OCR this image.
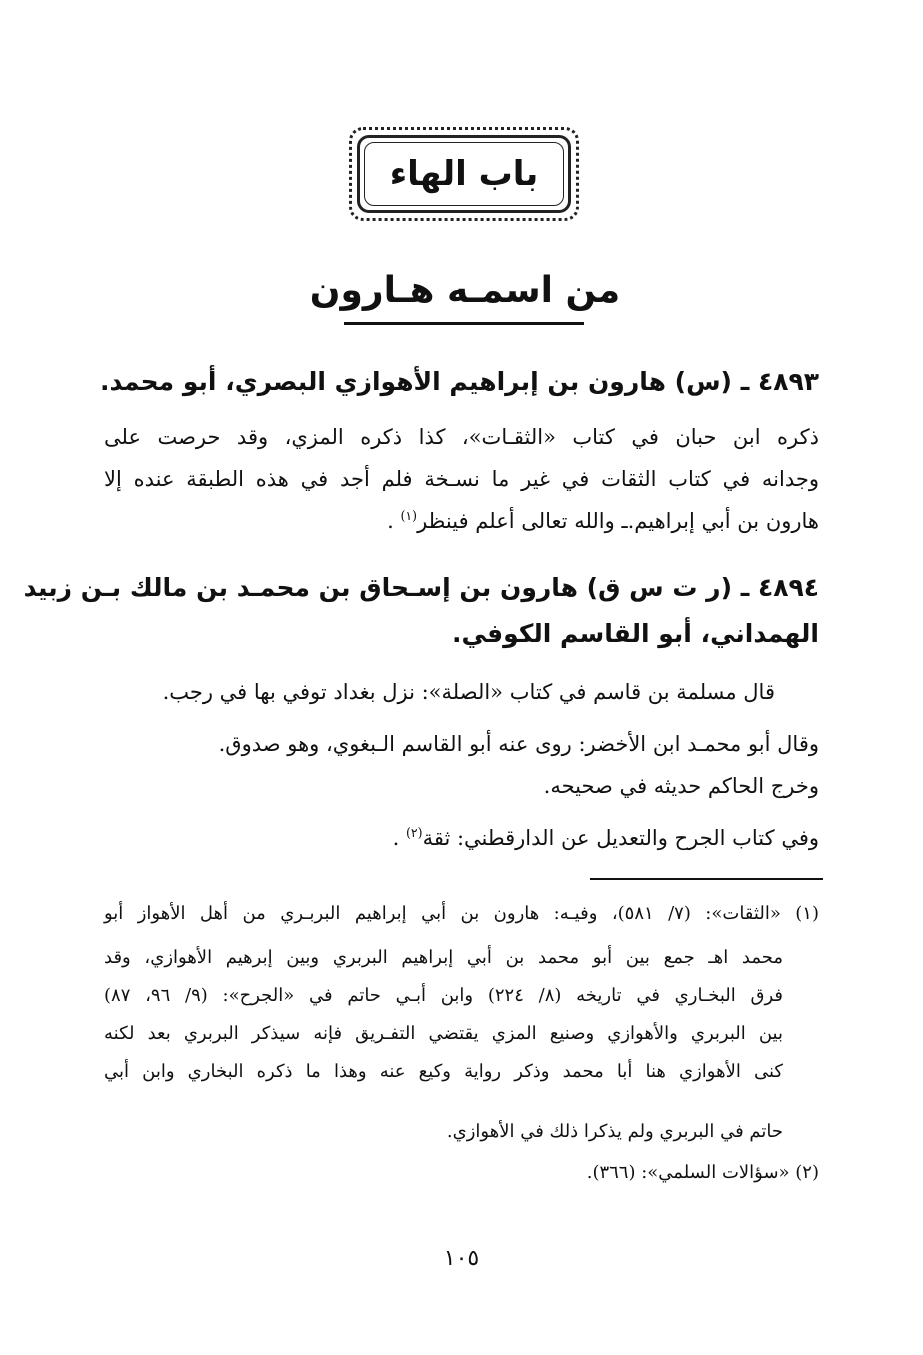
باب الهاء
من اسمـه هـارون
٤٨٩٣ ـ (س) هارون بن إبراهيم الأهوازي البصري، أبو محمد.
ذكره ابن حبان في كتاب «الثقـات»، كذا ذكره المزي، وقد حرصت على
وجدانه في كتاب الثقات في غير ما نسـخة فلم أجد في هذه الطبقة عنده إلا
هارون بن أبي إبراهيم.ـ والله تعالى أعلم فينظر$^{(١)}$ .
٤٨٩٤ ـ (ر ت س ق) هارون بن إسـحاق بن محمـد بن مالك بـن زبيد
الهمداني، أبو القاسم الكوفي.
قال مسلمة بن قاسم في كتاب «الصلة»: نزل بغداد توفي بها في رجب.
وقال أبو محمـد ابن الأخضر: روى عنه أبو القاسم الـبغوي، وهو صدوق.
وخرج الحاكم حديثه في صحيحه.
وفي كتاب الجرح والتعديل عن الدارقطني: ثقة$^{(٢)}$ .
(١) «الثقات»: (٧/ ٥٨١)، وفيـه: هارون بن أبي إبراهيم البربـري من أهل الأهواز أبو
محمد اهـ جمع بين أبو محمد بن أبي إبراهيم البربري وبين إبرهيم الأهوازي، وقد
فرق البخـاري في تاريخه (٨/ ٢٢٤) وابن أبـي حاتم في «الجرح»: (٩/ ٩٦، ٨٧)
بين البربري والأهوازي وصنيع المزي يقتضي التفـريق فإنه سيذكر البربري بعد لكنه
كنى الأهوازي هنا أبا محمد وذكر رواية وكيع عنه وهذا ما ذكره البخاري وابن أبي
حاتم في البربري ولم يذكرا ذلك في الأهوازي.
(٢) «سؤالات السلمي»: (٣٦٦).
١٠٥
